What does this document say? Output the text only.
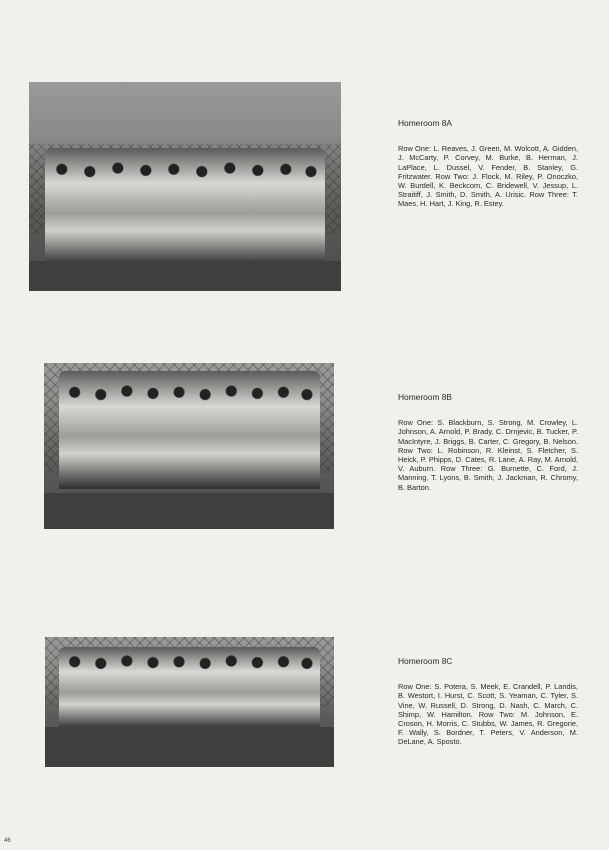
Homeroom 8A
Row One: L. Reaves, J. Green, M. Wolcott, A. Gidden, J. McCarty, P. Corvey, M. Burke, B. Herman, J. LaPlace, L. Dussel, V. Fender, B. Stanley, G. Fritzwater. Row Two: J. Flock, M. Riley, P. Onoczko, W. Burdell, K. Beckcom, C. Bridewell, V. Jessup, L. Straitiff, J. Smith, D. Smith, A. Urisic. Row Three: T. Maes, H. Hart, J. King, R. Estey.
Homeroom 8B
Row One: S. Blackburn, S. Strong, M. Crowley, L. Johnson, A. Arnold, P. Brady, C. Drnjevic, B. Tucker, P. MacIntyre, J. Briggs, B. Carter, C. Gregory, B. Nelson. Row Two: L. Robinson, R. Kleinst, S. Fletcher, S. Heick, P. Phipps, D. Cates, R. Lane, A. Ray, M. Arnold, V. Auburn. Row Three: G. Burnette, C. Ford, J. Manning, T. Lyons, B. Smith, J. Jackman, R. Chromy, B. Barton.
Homeroom 8C
Row One: S. Potera, S. Meek, E. Crandell, P. Landis, B. Westort, I. Hurst, C. Scott, S. Yeaman, C. Tyler, S. Vine, W. Russell, D. Strong, D. Nash, C. March, C. Shimp, W. Hamilton. Row Two: M. Johnson, E. Croson, H. Morris, C. Stubbs, W. James, R. Gregorie, F. Wally, S. Bordner, T. Peters, V. Anderson, M. DeLane, A. Sposto.
46
